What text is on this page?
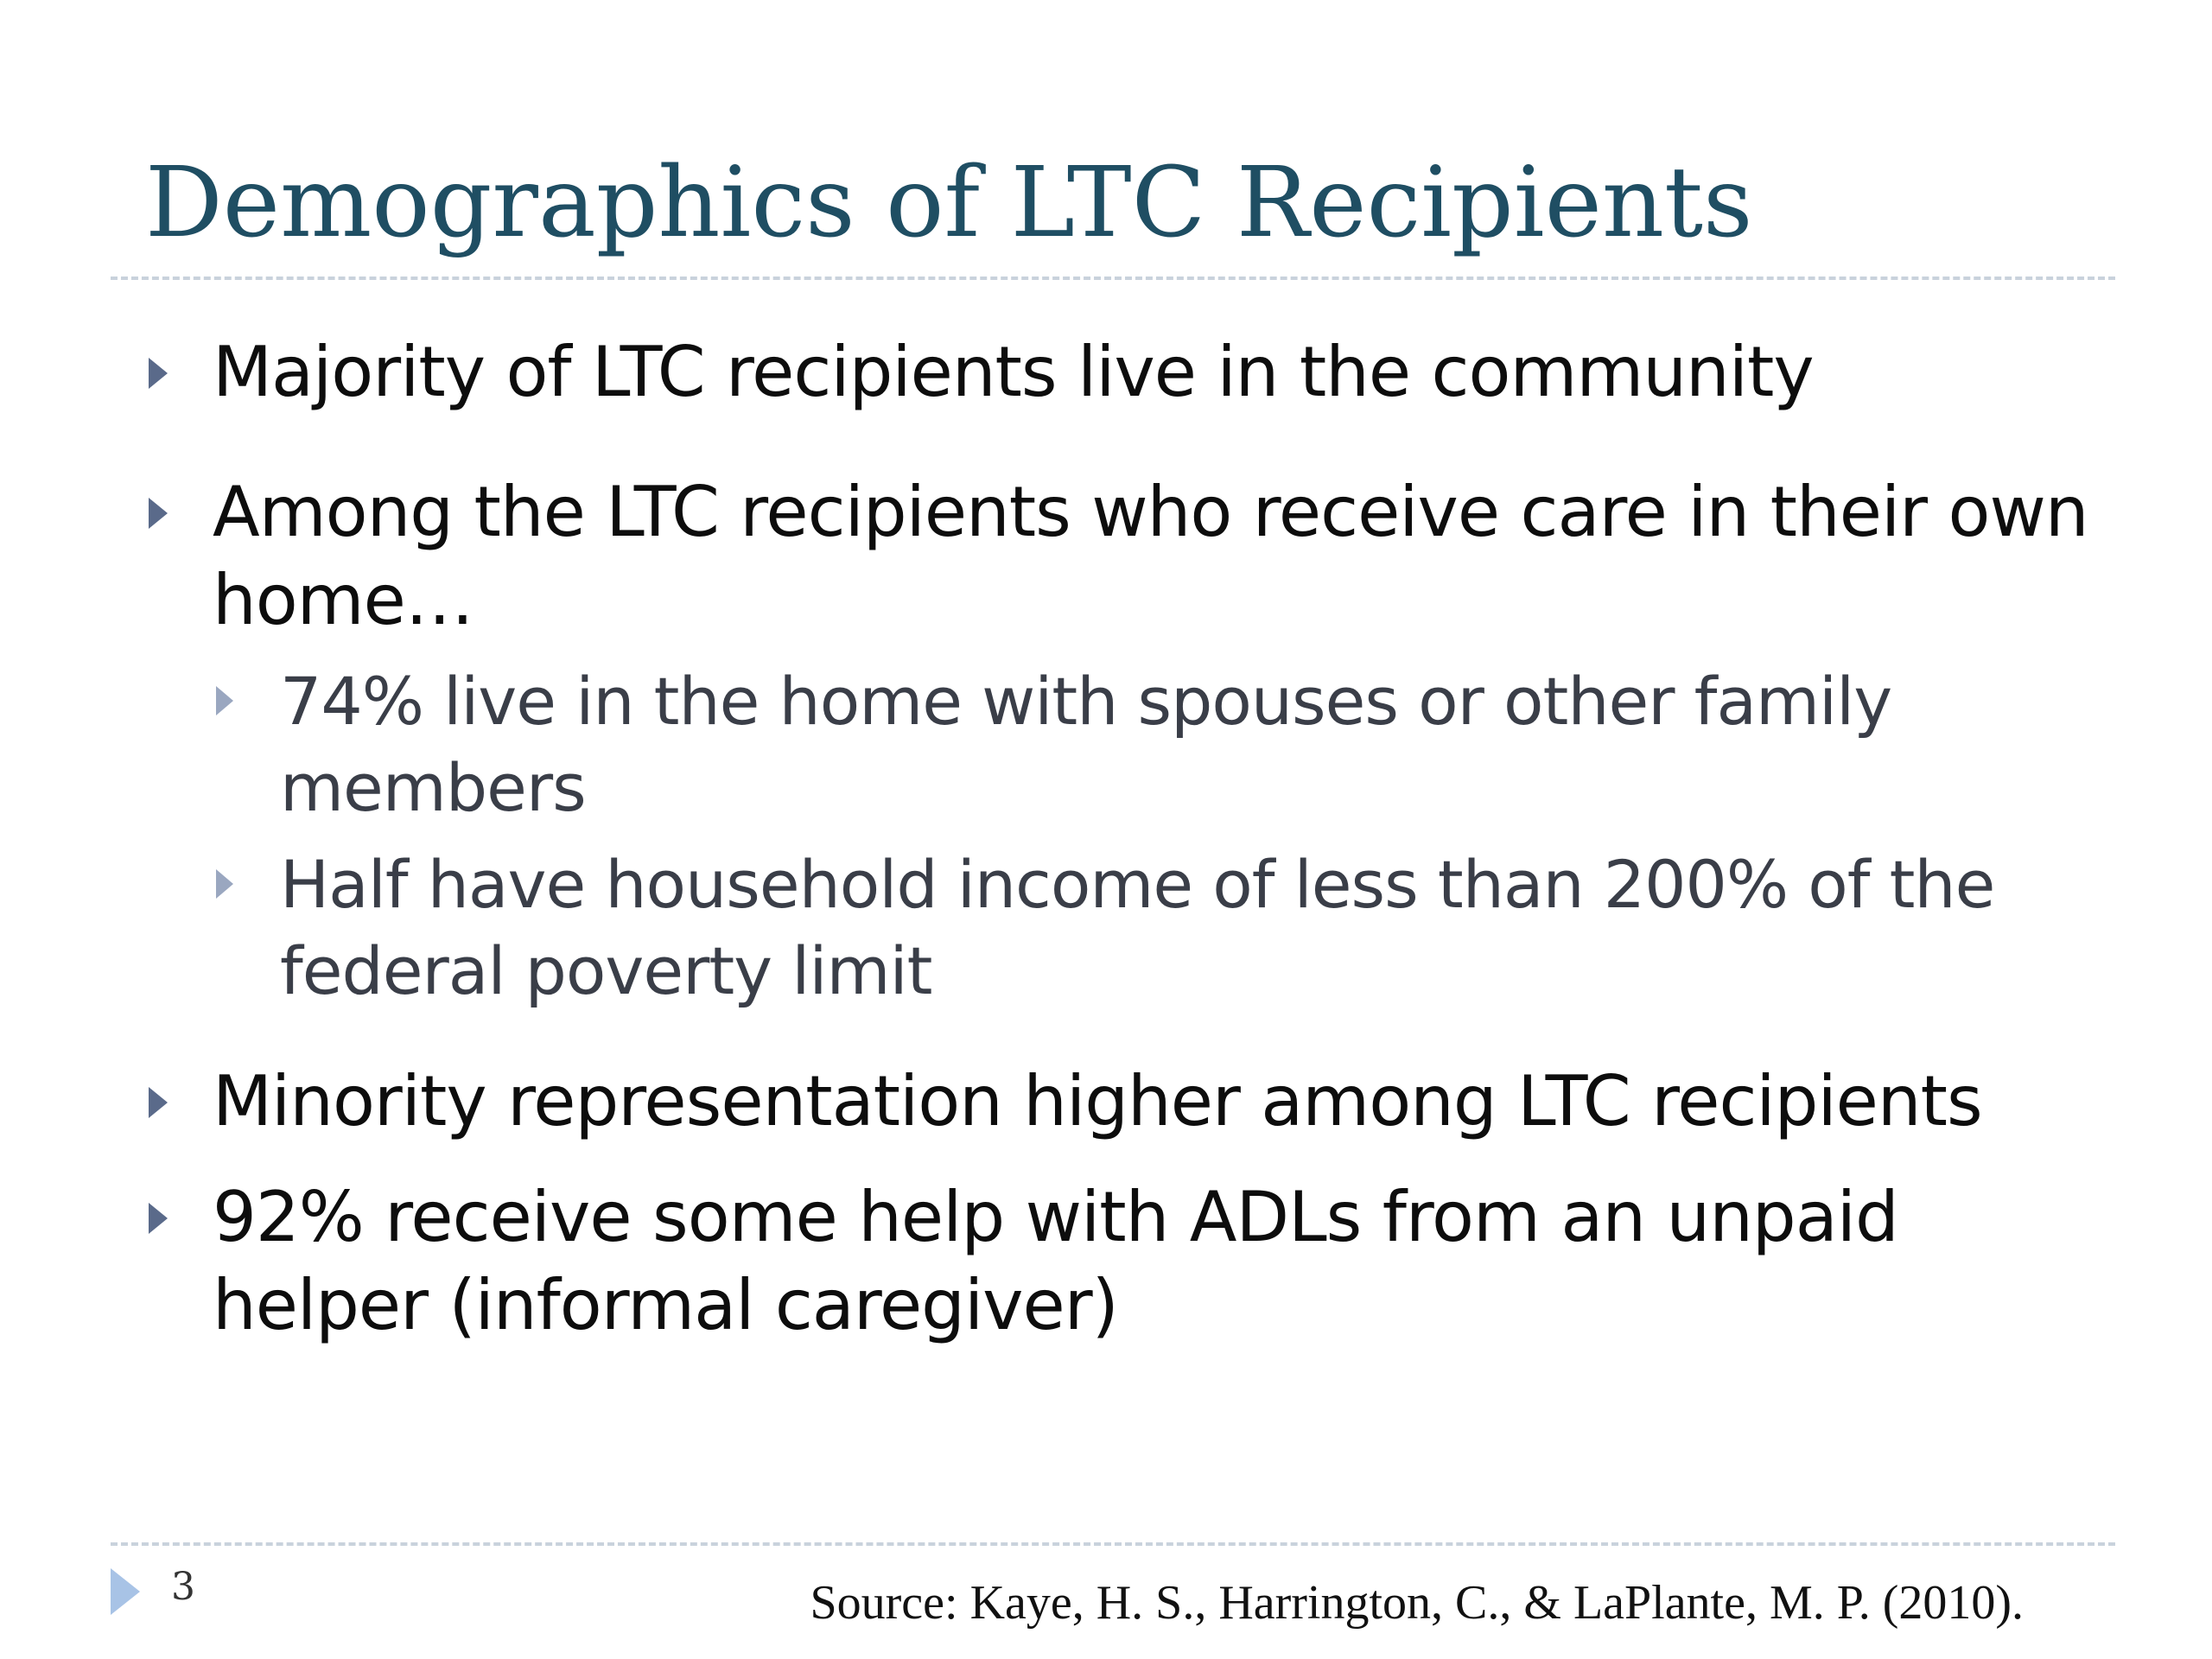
Demographics of LTC Recipients
Majority of LTC recipients live in the community
Among the LTC recipients who receive care in their own home…
74% live in the home with spouses or other family members
Half have household income of less than 200% of the federal poverty limit
Minority representation higher among LTC recipients
92% receive some help with ADLs from an unpaid helper (informal caregiver)
3	Source: Kaye, H. S., Harrington, C., & LaPlante, M. P. (2010).
